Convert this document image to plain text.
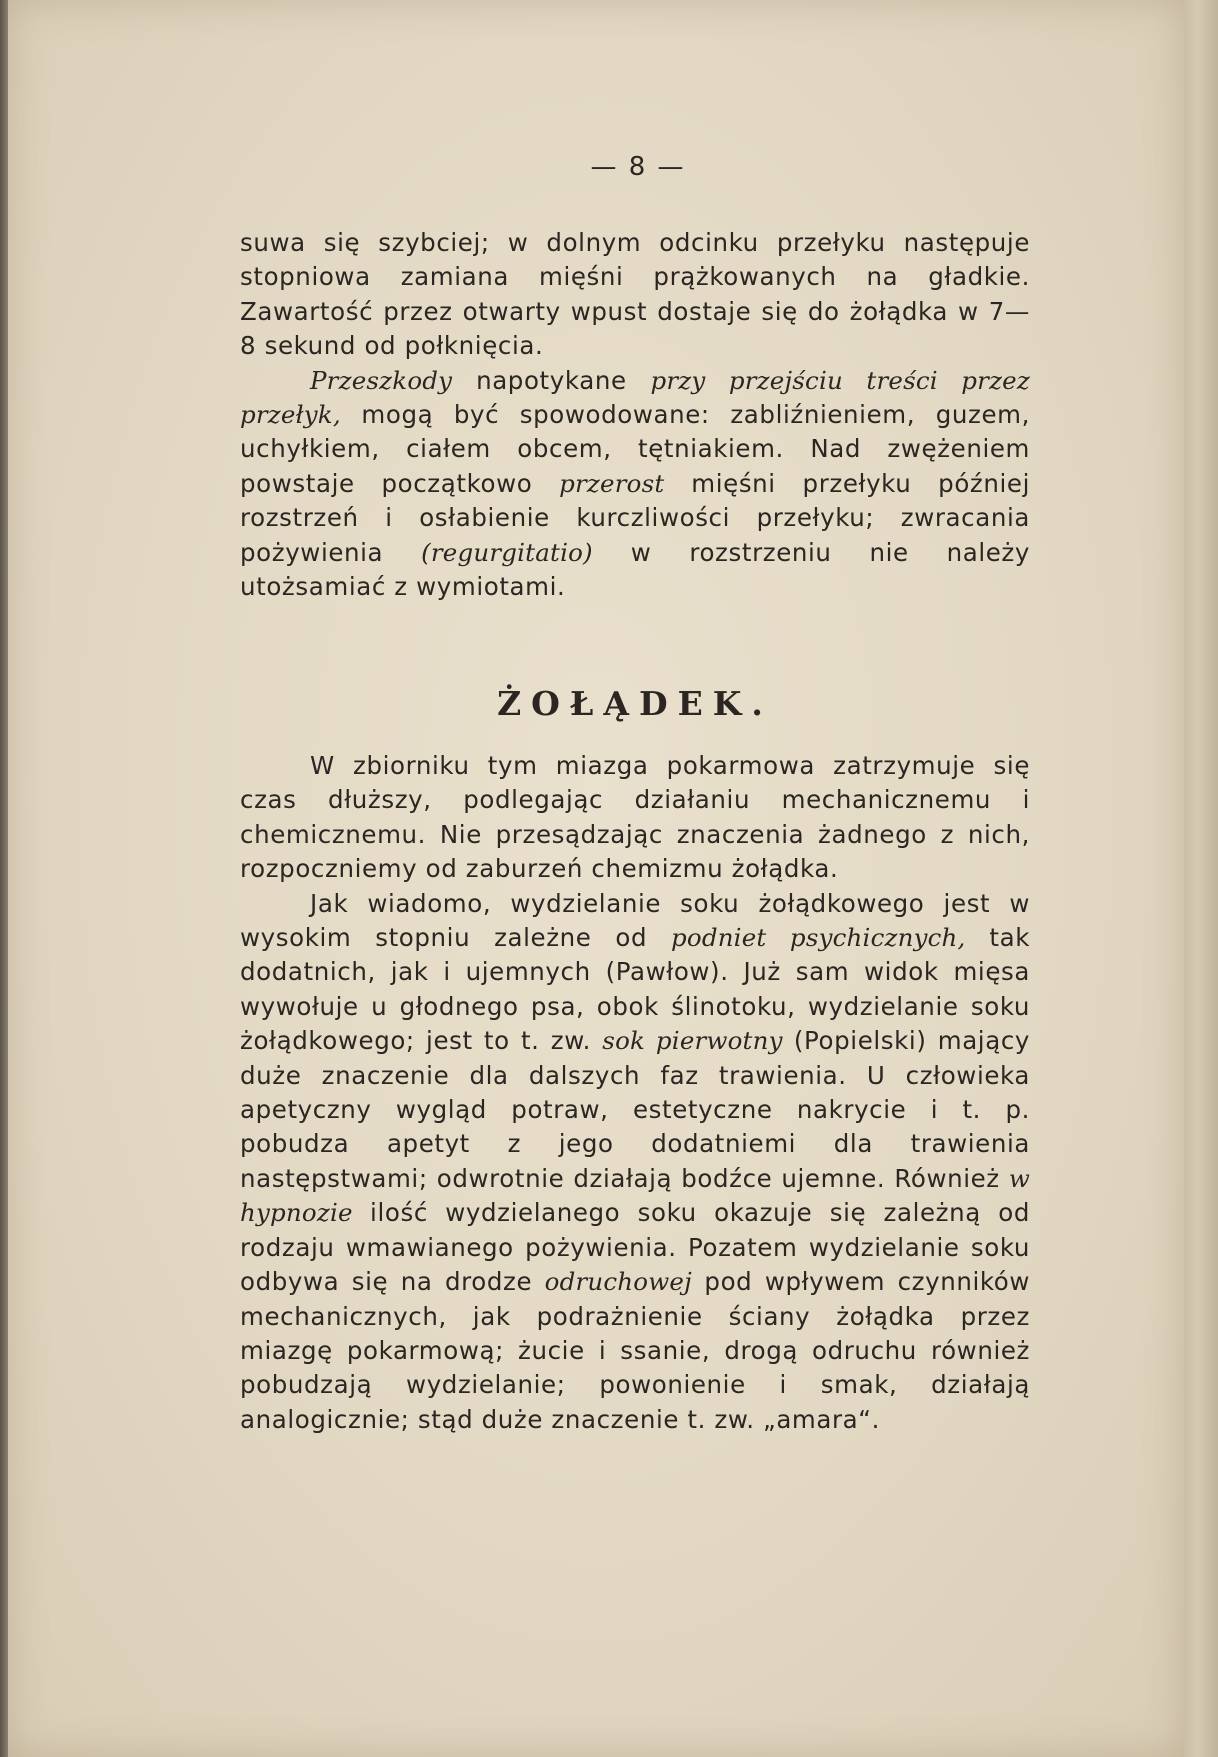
— 8 —

suwa się szybciej; w dolnym odcinku przełyku następuje stopniowa zamiana mięśni prążkowanych na gładkie. Zawartość przez otwarty wpust dostaje się do żołądka w 7—8 sekund od połknięcia.

Przeszkody napotykane przy przejściu treści przez przełyk, mogą być spowodowane: zabliźnieniem, guzem, uchyłkiem, ciałem obcem, tętniakiem. Nad zwężeniem powstaje początkowo przerost mięśni przełyku później rozstrzeń i osłabienie kurczliwości przełyku; zwracania pożywienia (regurgitatio) w rozstrzeniu nie należy utożsamiać z wymiotami.

ŻOŁĄDEK.

W zbiorniku tym miazga pokarmowa zatrzymuje się czas dłuższy, podlegając działaniu mechanicznemu i chemicznemu. Nie przesądzając znaczenia żadnego z nich, rozpoczniemy od zaburzeń chemizmu żołądka.

Jak wiadomo, wydzielanie soku żołądkowego jest w wysokim stopniu zależne od podniet psychicznych, tak dodatnich, jak i ujemnych (Pawłow). Już sam widok mięsa wywołuje u głodnego psa, obok ślinotoku, wydzielanie soku żołądkowego; jest to t. zw. sok pierwotny (Popielski) mający duże znaczenie dla dalszych faz trawienia. U człowieka apetyczny wygląd potraw, estetyczne nakrycie i t. p. pobudza apetyt z jego dodatniemi dla trawienia następstwami; odwrotnie działają bodźce ujemne. Również w hypnozie ilość wydzielanego soku okazuje się zależną od rodzaju wmawianego pożywienia. Pozatem wydzielanie soku odbywa się na drodze odruchowej pod wpływem czynników mechanicznych, jak podrażnienie ściany żołądka przez miazgę pokarmową; żucie i ssanie, drogą odruchu również pobudzają wydzielanie; powonienie i smak, działają analogicznie; stąd duże znaczenie t. zw. „amara“.
